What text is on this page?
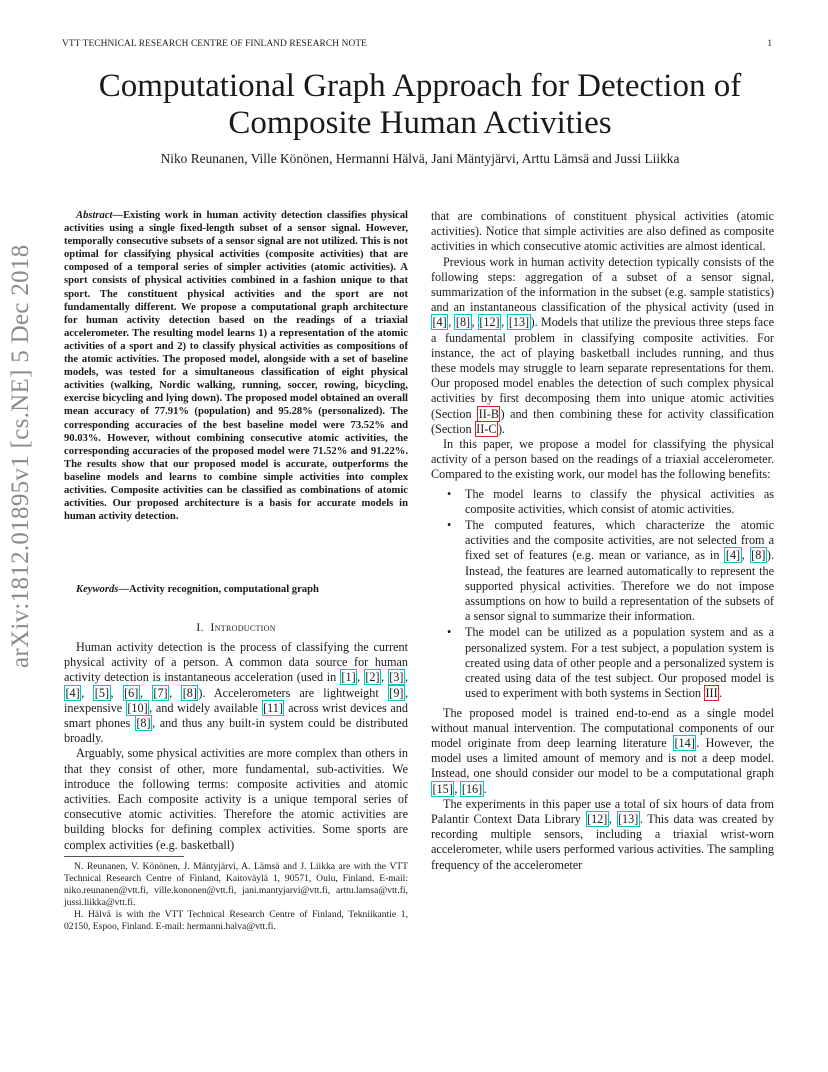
VTT TECHNICAL RESEARCH CENTRE OF FINLAND RESEARCH NOTE	1
Computational Graph Approach for Detection of
Composite Human Activities
Niko Reunanen, Ville Könönen, Hermanni Hälvä, Jani Mäntyjärvi, Arttu Lämsä and Jussi Liikka
arXiv:1812.01895v1 [cs.NE] 5 Dec 2018

Abstract—Existing work in human activity detection classifies physical activities using a single fixed-length subset of a sensor signal. However, temporally consecutive subsets of a sensor signal are not utilized. This is not optimal for classifying physical activities (composite activities) that are composed of a temporal series of simpler activities (atomic activities). A sport consists of physical activities combined in a fashion unique to that sport. The constituent physical activities and the sport are not fundamentally different. We propose a computational graph architecture for human activity detection based on the readings of a triaxial accelerometer. The resulting model learns 1) a representation of the atomic activities of a sport and 2) to classify physical activities as compositions of the atomic activities. The proposed model, alongside with a set of baseline models, was tested for a simultaneous classification of eight physical activities (walking, Nordic walking, running, soccer, rowing, bicycling, exercise bicycling and lying down). The proposed model obtained an overall mean accuracy of 77.91% (population) and 95.28% (personalized). The corresponding accuracies of the best baseline model were 73.52% and 90.03%. However, without combining consecutive atomic activities, the corresponding accuracies of the proposed model were 71.52% and 91.22%. The results show that our proposed model is accurate, outperforms the baseline models and learns to combine simple activities into complex activities. Composite activities can be classified as combinations of atomic activities. Our proposed architecture is a basis for accurate models in human activity detection.

Keywords—Activity recognition, computational graph

I. Introduction

Human activity detection is the process of classifying the current physical activity of a person. A common data source for human activity detection is instantaneous acceleration (used in [1] , [2] , [3] , [4] , [5] , [6] , [7] , [8] ). Accelerometers are lightweight [9] , inexpensive [10] , and widely available [11] across wrist devices and smart phones [8] , and thus any built-in system could be distributed broadly.

Arguably, some physical activities are more complex than others in that they consist of other, more fundamental, sub-activities. We introduce the following terms: composite activities and atomic activities. Each composite activity is a unique temporal series of consecutive atomic activities. Therefore the atomic activities are building blocks for defining complex activities. Some sports are complex activities (e.g. basketball)

N. Reunanen, V. Könönen, J. Mäntyjärvi, A. Lämsä and J. Liikka are with the VTT Technical Research Centre of Finland, Kaitoväylä 1, 90571, Oulu, Finland. E-mail: niko.reunanen@vtt.fi, ville.kononen@vtt.fi, jani.mantyjarvi@vtt.fi, arttu.lamsa@vtt.fi, jussi.liikka@vtt.fi.

H. Hälvä is with the VTT Technical Research Centre of Finland, Tekniikantie 1, 02150, Espoo, Finland. E-mail: hermanni.halva@vtt.fi.

that are combinations of constituent physical activities (atomic activities). Notice that simple activities are also defined as composite activities in which consecutive atomic activities are almost identical.

Previous work in human activity detection typically consists of the following steps: aggregation of a subset of a sensor signal, summarization of the information in the subset (e.g. sample statistics) and an instantaneous classification of the physical activity (used in [4] , [8] , [12] , [13] ). Models that utilize the previous three steps face a fundamental problem in classifying composite activities. For instance, the act of playing basketball includes running, and thus these models may struggle to learn separate representations for them. Our proposed model enables the detection of such complex physical activities by first decomposing them into unique atomic activities (Section II-B ) and then combining these for activity classification (Section II-C ).

In this paper, we propose a model for classifying the physical activity of a person based on the readings of a triaxial accelerometer. Compared to the existing work, our model has the following benefits:

• The model learns to classify the physical activities as composite activities, which consist of atomic activities.
• The computed features, which characterize the atomic activities and the composite activities, are not selected from a fixed set of features (e.g. mean or variance, as in [4] , [8] ). Instead, the features are learned automatically to represent the supported physical activities. Therefore we do not impose assumptions on how to build a representation of the subsets of a sensor signal to summarize their information.
• The model can be utilized as a population system and as a personalized system. For a test subject, a population system is created using data of other people and a personalized system is created using data of the test subject. Our proposed model is used to experiment with both systems in Section III .

The proposed model is trained end-to-end as a single model without manual intervention. The computational components of our model originate from deep learning literature [14] . However, the model uses a limited amount of memory and is not a deep model. Instead, one should consider our model to be a computational graph [15] , [16] .

The experiments in this paper use a total of six hours of data from Palantir Context Data Library [12] , [13] . This data was created by recording multiple sensors, including a triaxial wrist-worn accelerometer, while users performed various activities. The sampling frequency of the accelerometer
